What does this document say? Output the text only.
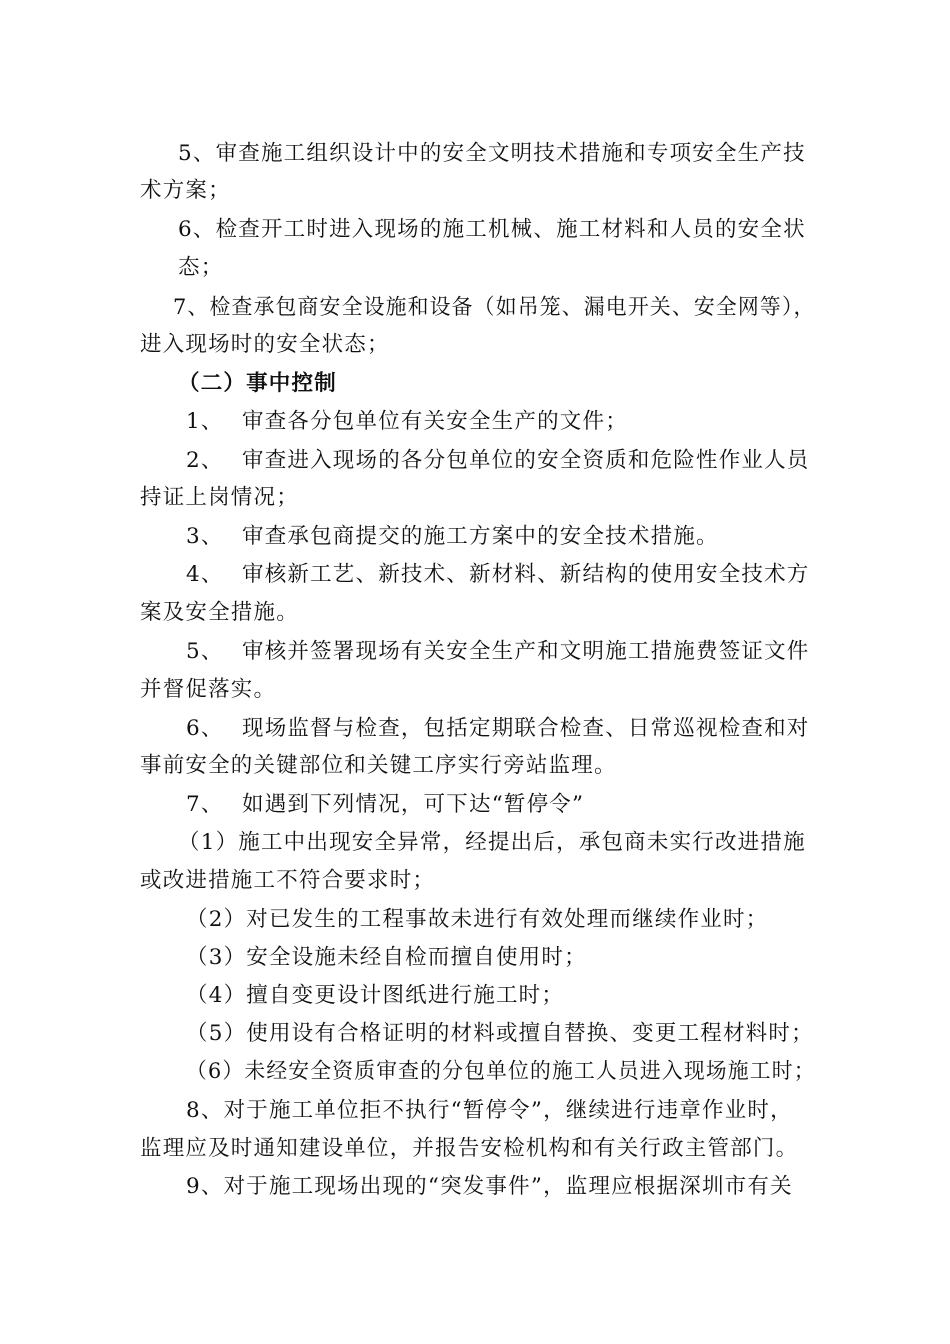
5、审查施工组织设计中的安全文明技术措施和专项安全生产技
术方案；
6、检查开工时进入现场的施工机械、施工材料和人员的安全状
态；
7、检查承包商安全设施和设备（如吊笼、漏电开关、安全网等），
进入现场时的安全状态；
（二）事中控制
1、 审查各分包单位有关安全生产的文件；
2、 审查进入现场的各分包单位的安全资质和危险性作业人员
持证上岗情况；
3、 审查承包商提交的施工方案中的安全技术措施。
4、 审核新工艺、新技术、新材料、新结构的使用安全技术方
案及安全措施。
5、 审核并签署现场有关安全生产和文明施工措施费签证文件
并督促落实。
6、 现场监督与检查，包括定期联合检查、日常巡视检查和对
事前安全的关键部位和关键工序实行旁站监理。
7、 如遇到下列情况，可下达“暂停令”
（1）施工中出现安全异常，经提出后，承包商未实行改进措施
或改进措施工不符合要求时；
（2）对已发生的工程事故未进行有效处理而继续作业时；
（3）安全设施未经自检而擅自使用时；
（4）擅自变更设计图纸进行施工时；
（5）使用设有合格证明的材料或擅自替换、变更工程材料时；
（6）未经安全资质审查的分包单位的施工人员进入现场施工时；
8、对于施工单位拒不执行“暂停令”，继续进行违章作业时，
监理应及时通知建设单位，并报告安检机构和有关行政主管部门。
9、对于施工现场出现的“突发事件”，监理应根据深圳市有关
